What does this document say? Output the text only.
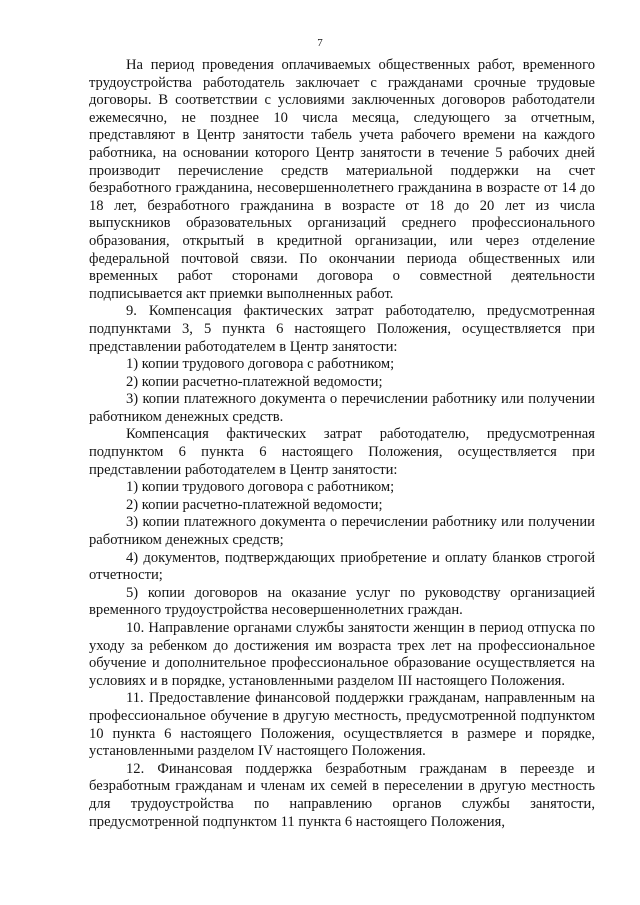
7

На период проведения оплачиваемых общественных работ, временного трудоустройства работодатель заключает с гражданами срочные трудовые договоры. В соответствии с условиями заключенных договоров работодатели ежемесячно, не позднее 10 числа месяца, следующего за отчетным, представляют в Центр занятости табель учета рабочего времени на каждого работника, на основании которого Центр занятости в течение 5 рабочих дней производит перечисление средств материальной поддержки на счет безработного гражданина, несовершеннолетнего гражданина в возрасте от 14 до 18 лет, безработного гражданина в возрасте от 18 до 20 лет из числа выпускников образовательных организаций среднего профессионального образования, открытый в кредитной организации, или через отделение федеральной почтовой связи. По окончании периода общественных или временных работ сторонами договора о совместной деятельности подписывается акт приемки выполненных работ.

9. Компенсация фактических затрат работодателю, предусмотренная подпунктами 3, 5 пункта 6 настоящего Положения, осуществляется при представлении работодателем в Центр занятости:

1) копии трудового договора с работником;

2) копии расчетно-платежной ведомости;

3) копии платежного документа о перечислении работнику или получении работником денежных средств.

Компенсация фактических затрат работодателю, предусмотренная подпунктом 6 пункта 6 настоящего Положения, осуществляется при представлении работодателем в Центр занятости:

1) копии трудового договора с работником;

2) копии расчетно-платежной ведомости;

3) копии платежного документа о перечислении работнику или получении работником денежных средств;

4) документов, подтверждающих приобретение и оплату бланков строгой отчетности;

5) копии договоров на оказание услуг по руководству организацией временного трудоустройства несовершеннолетних граждан.

10. Направление органами службы занятости женщин в период отпуска по уходу за ребенком до достижения им возраста трех лет на профессиональное обучение и дополнительное профессиональное образование осуществляется на условиях и в порядке, установленными разделом III настоящего Положения.

11. Предоставление финансовой поддержки гражданам, направленным на профессиональное обучение в другую местность, предусмотренной подпунктом 10 пункта 6 настоящего Положения, осуществляется в размере и порядке, установленными разделом IV настоящего Положения.

12. Финансовая поддержка безработным гражданам в переезде и безработным гражданам и членам их семей в переселении в другую местность для трудоустройства по направлению органов службы занятости, предусмотренной подпунктом 11 пункта 6 настоящего Положения,
